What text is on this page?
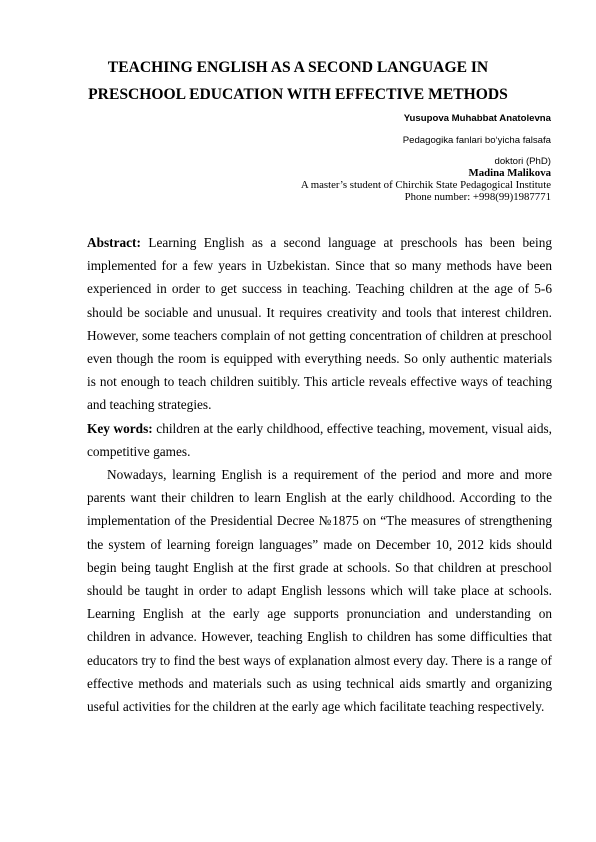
TEACHING ENGLISH AS A SECOND LANGUAGE IN
PRESCHOOL EDUCATION WITH EFFECTIVE METHODS
Yusupova Muhabbat Anatolevna
Pedagogika fanlari bo‘yicha falsafa
doktori (PhD)
Madina Malikova
A master’s student of Chirchik State Pedagogical Institute
Phone number: +998(99)1987771

Abstract: Learning English as a second language at preschools has been being implemented for a few years in Uzbekistan. Since that so many methods have been experienced in order to get success in teaching. Teaching children at the age of 5-6 should be sociable and unusual. It requires creativity and tools that interest children. However, some teachers complain of not getting concentration of children at preschool even though the room is equipped with everything needs. So only authentic materials is not enough to teach children suitibly. This article reveals effective ways of teaching and teaching strategies.

Key words: children at the early childhood, effective teaching, movement, visual aids, competitive games.

Nowadays, learning English is a requirement of the period and more and more parents want their children to learn English at the early childhood. According to the implementation of the Presidential Decree №1875 on “The measures of strengthening the system of learning foreign languages” made on December 10, 2012 kids should begin being taught English at the first grade at schools. So that children at preschool should be taught in order to adapt English lessons which will take place at schools. Learning English at the early age supports pronunciation and understanding on children in advance. However, teaching English to children has some difficulties that educators try to find the best ways of explanation almost every day. There is a range of effective methods and materials such as using technical aids smartly and organizing useful activities for the children at the early age which facilitate teaching respectively.
